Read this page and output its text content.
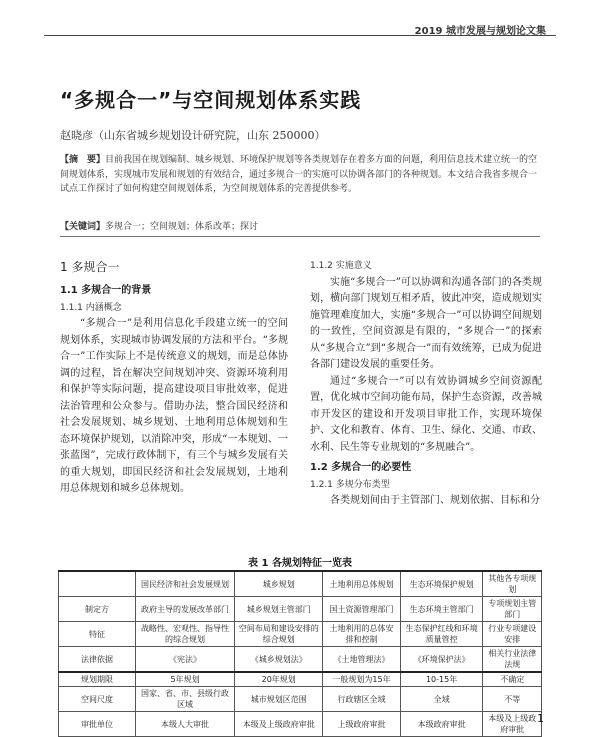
2019 城市发展与规划论文集
“多规合一”与空间规划体系实践
赵晓彦（山东省城乡规划设计研究院，山东 250000）
【摘　要】目前我国在规划编制、城乡规划、环境保护规划等各类规划存在着多方面的问题，利用信息技术建立统一的空间规划体系，实现城市发展和规划的有效结合，通过多规合一的实施可以协调各部门的各种规划。本文结合我省多规合一试点工作探讨了如何构建空间规划体系，为空间规划体系的完善提供参考。
【关键词】多规合一；空间规划；体系改革；探讨
1 多规合一
1.1 多规合一的背景
1.1.1 内涵概念

“多规合一”是利用信息化手段建立统一的空间规划体系，实现城市协调发展的方法和平台。“多规合一”工作实际上不是传统意义的规划，而是总体协调的过程，旨在解决空间规划冲突、资源环境利用和保护等实际问题，提高建设项目审批效率，促进法治管理和公众参与。借助办法，整合国民经济和社会发展规划、城乡规划、土地利用总体规划和生态环境保护规划，以消除冲突，形成“一本规划、一张蓝图”，完成行政体制下，有三个与城乡发展有关的重大规划，即国民经济和社会发展规划，土地利用总体规划和城乡总体规划。

1.1.2 实施意义

实施“多规合一”可以协调和沟通各部门的各类规划，横向部门规划互相矛盾，彼此冲突，造成规划实施管理难度加大，实施“多规合一”可以协调空间规划的一致性，空间资源是有限的，“多规合一”的探索从“多规合立”到“多规合一”而有效统筹，已成为促进各部门建设发展的重要任务。

通过“多规合一”可以有效协调城乡空间资源配置，优化城市空间功能布局，保护生态资源，改善城市开发区的建设和开发项目审批工作，实现环境保护、文化和教育、体育、卫生、绿化、交通、市政、水利、民生等专业规划的“多规融合”。

1.2 多规合一的必要性
1.2.1 多规分布类型

各类规划间由于主管部门、规划依据、目标和分

表 1 各规划特征一览表
	国民经济和社会发展规划	城乡规划	土地利用总体规划	生态环境保护规划	其他各专项规划
制定方	政府主导的发展改革部门	城乡规划主管部门	国土资源管理部门	生态环境主管部门	专项规划主管部门
特征	战略性、宏观性、指导性的综合规划	空间布局和建设安排的综合规划	土地利用的总体安排和控制	生态保护红线和环境质量管控	行业专项建设安排
法律依据	《宪法》	《城乡规划法》	《土地管理法》	《环境保护法》	相关行业法律法规
规划期限	5年规划	20年规划	一般规划为15年	10-15年	不确定
空间尺度	国家、省、市、县级行政区域	城市规划区范围	行政辖区全域	全域	不等
审批单位	本级人大审批	本级及上级政府审批	上级政府审批	本级政府审批	本级及上级政府审批
1
